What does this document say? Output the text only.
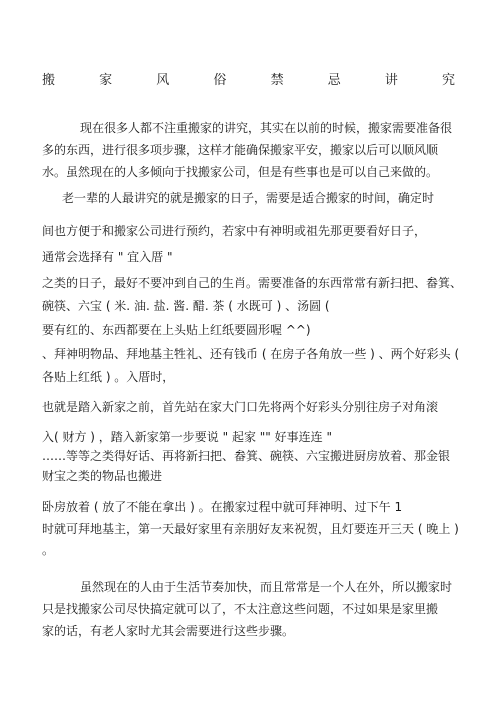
搬	家	风	俗	禁	忌	讲	究
现在很多人都不注重搬家的讲究，其实在以前的时候，搬家需要准备很
多的东西，进行很多项步骤，这样才能确保搬家平安，搬家以后可以顺风顺
水。虽然现在的人多倾向于找搬家公司，但是有些事也是可以自己来做的。
老一辈的人最讲究的就是搬家的日子，需要是适合搬家的时间，确定时
间也方便于和搬家公司进行预约，若家中有神明或祖先那更要看好日子，
通常会选择有 " 宜入厝 "
之类的日子，最好不要冲到自己的生肖。需要准备的东西常常有新扫把、畚箕、
碗筷、六宝 ( 米. 油. 盐. 酱. 醋. 茶 ( 水既可 ) 、汤圆 (
要有红的、东西都要在上头贴上红纸要圆形喔 ^^)
、拜神明物品、拜地基主牲礼、还有钱币 ( 在房子各角放一些 ) 、两个好彩头 (
各贴上红纸 ) 。入厝时，
也就是踏入新家之前，首先站在家大门口先将两个好彩头分别往房子对角滚
入( 财方 ) ，踏入新家第一步要说 " 起家 "" 好事连连 "
……等等之类得好话、再将新扫把、畚箕、碗筷、六宝搬进厨房放着、那金银
财宝之类的物品也搬进
卧房放着 ( 放了不能在拿出 ) 。在搬家过程中就可拜神明、过下午 1
时就可拜地基主，第一天最好家里有亲朋好友来祝贺，且灯要连开三天 ( 晚上 )
。
虽然现在的人由于生活节奏加快，而且常常是一个人在外，所以搬家时
只是找搬家公司尽快搞定就可以了，不太注意这些问题，不过如果是家里搬
家的话，有老人家时尤其会需要进行这些步骤。
